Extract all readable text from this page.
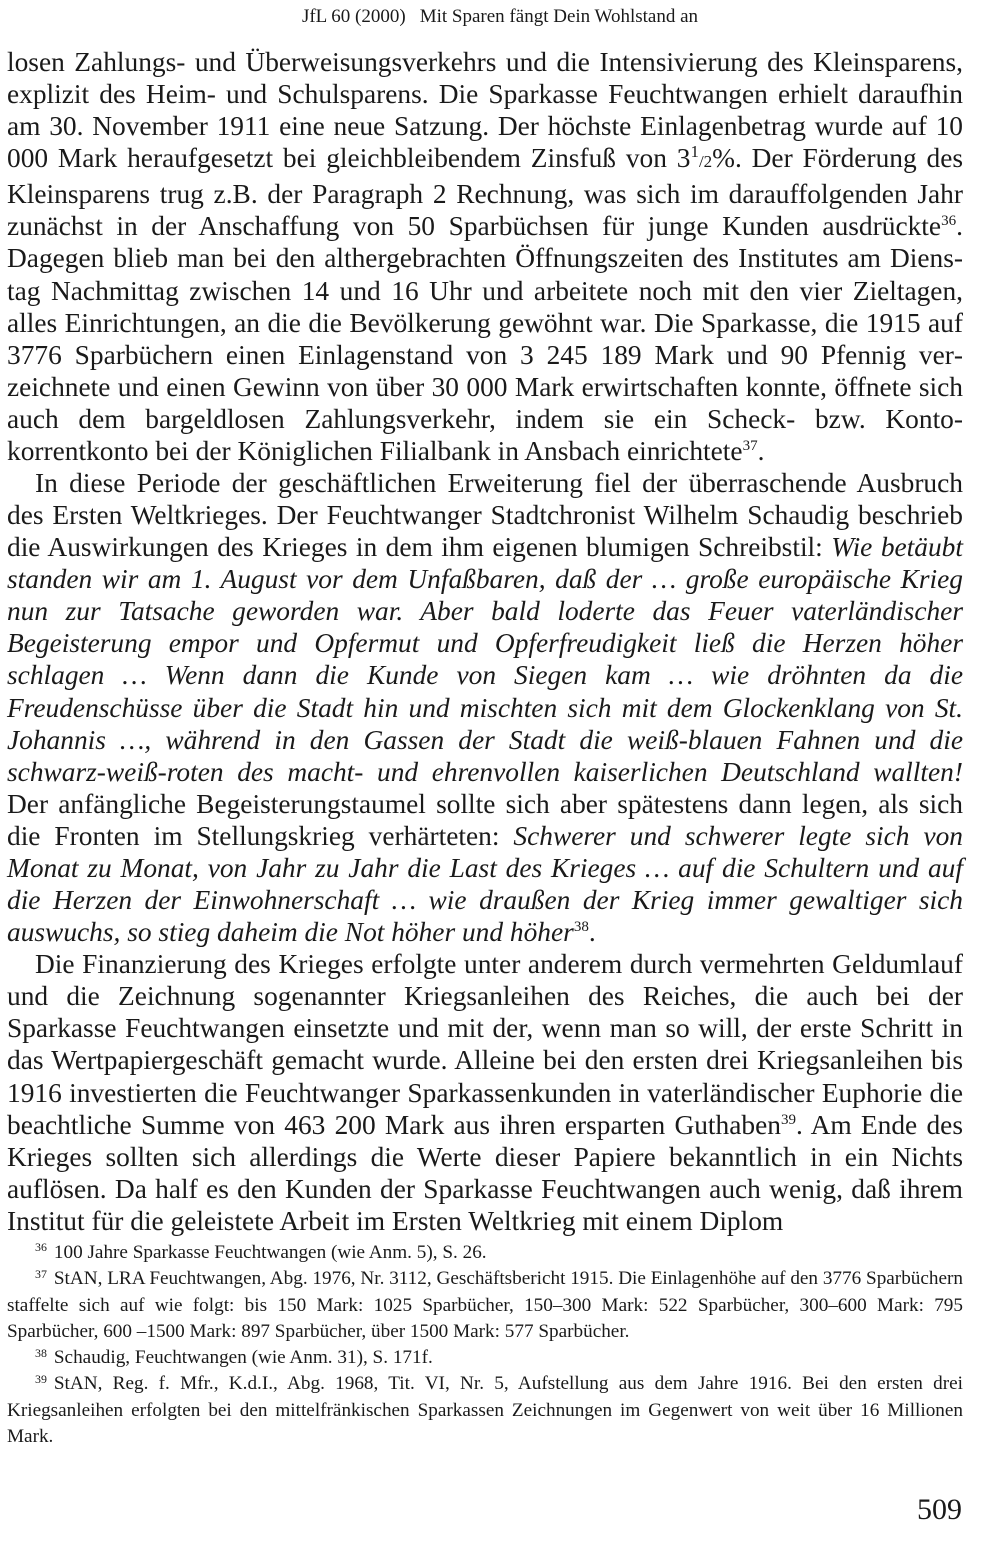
JfL 60 (2000) Mit Sparen fängt Dein Wohlstand an

losen Zahlungs- und Überweisungsverkehrs und die Intensivierung des Kleinsparens, explizit des Heim- und Schulsparens. Die Sparkasse Feuchtwangen erhielt daraufhin am 30. November 1911 eine neue Satzung. Der höchste Einlagenbetrag wurde auf 10 000 Mark heraufgesetzt bei gleichbleibendem Zinsfuß von $3^1/2\%$. Der Förderung des Kleinsparens trug z.B. der Paragraph 2 Rechnung, was sich im darauffolgenden Jahr zunächst in der Anschaffung von 50 Sparbüchsen für junge Kunden ausdrückte$^{36}$. Dagegen blieb man bei den althergebrachten Öffnungszeiten des Institutes am Dienstag Nachmittag zwischen 14 und 16 Uhr und arbeitete noch mit den vier Zieltagen, alles Einrichtungen, an die die Bevölkerung gewöhnt war. Die Sparkasse, die 1915 auf 3776 Sparbüchern einen Einlagenstand von 3 245 189 Mark und 90 Pfennig verzeichnete und einen Gewinn von über 30 000 Mark erwirtschaften konnte, öffnete sich auch dem bargeldlosen Zahlungsverkehr, indem sie ein Scheck- bzw. Kontokorrentkonto bei der Königlichen Filialbank in Ansbach einrichtete$^{37}$.

In diese Periode der geschäftlichen Erweiterung fiel der überraschende Ausbruch des Ersten Weltkrieges. Der Feuchtwanger Stadtchronist Wilhelm Schaudig beschrieb die Auswirkungen des Krieges in dem ihm eigenen blumigen Schreibstil: Wie betäubt standen wir am 1. August vor dem Unfaßbaren, daß der … große europäische Krieg nun zur Tatsache geworden war. Aber bald loderte das Feuer vaterländischer Begeisterung empor und Opfermut und Opferfreudigkeit ließ die Herzen höher schlagen … Wenn dann die Kunde von Siegen kam … wie dröhnten da die Freudenschüsse über die Stadt hin und mischten sich mit dem Glockenklang von St. Johannis …, während in den Gassen der Stadt die weiß-blauen Fahnen und die schwarz-weiß-roten des macht- und ehrenvollen kaiserlichen Deutschland wallten! Der anfängliche Begeisterungstaumel sollte sich aber spätestens dann legen, als sich die Fronten im Stellungskrieg verhärteten: Schwerer und schwerer legte sich von Monat zu Monat, von Jahr zu Jahr die Last des Krieges … auf die Schultern und auf die Herzen der Einwohnerschaft … wie draußen der Krieg immer gewaltiger sich auswuchs, so stieg daheim die Not höher und höher$^{38}$.

Die Finanzierung des Krieges erfolgte unter anderem durch vermehrten Geldumlauf und die Zeichnung sogenannter Kriegsanleihen des Reiches, die auch bei der Sparkasse Feuchtwangen einsetzte und mit der, wenn man so will, der erste Schritt in das Wertpapiergeschäft gemacht wurde. Alleine bei den ersten drei Kriegsanleihen bis 1916 investierten die Feuchtwanger Sparkassenkunden in vaterländischer Euphorie die beachtliche Summe von 463 200 Mark aus ihren ersparten Guthaben$^{39}$. Am Ende des Krieges sollten sich allerdings die Werte dieser Papiere bekanntlich in ein Nichts auflösen. Da half es den Kunden der Sparkasse Feuchtwangen auch wenig, daß ihrem Institut für die geleistete Arbeit im Ersten Weltkrieg mit einem Diplom

$^{36}$ 100 Jahre Sparkasse Feuchtwangen (wie Anm. 5), S. 26.

$^{37}$ StAN, LRA Feuchtwangen, Abg. 1976, Nr. 3112, Geschäftsbericht 1915. Die Einlagenhöhe auf den 3776 Sparbüchern staffelte sich auf wie folgt: bis 150 Mark: 1025 Sparbücher, 150–300 Mark: 522 Sparbücher, 300–600 Mark: 795 Sparbücher, 600 –1500 Mark: 897 Sparbücher, über 1500 Mark: 577 Sparbücher.

$^{38}$ Schaudig, Feuchtwangen (wie Anm. 31), S. 171f.

$^{39}$ StAN, Reg. f. Mfr., K.d.I., Abg. 1968, Tit. VI, Nr. 5, Aufstellung aus dem Jahre 1916. Bei den ersten drei Kriegsanleihen erfolgten bei den mittelfränkischen Sparkassen Zeichnungen im Gegenwert von weit über 16 Millionen Mark.

509
